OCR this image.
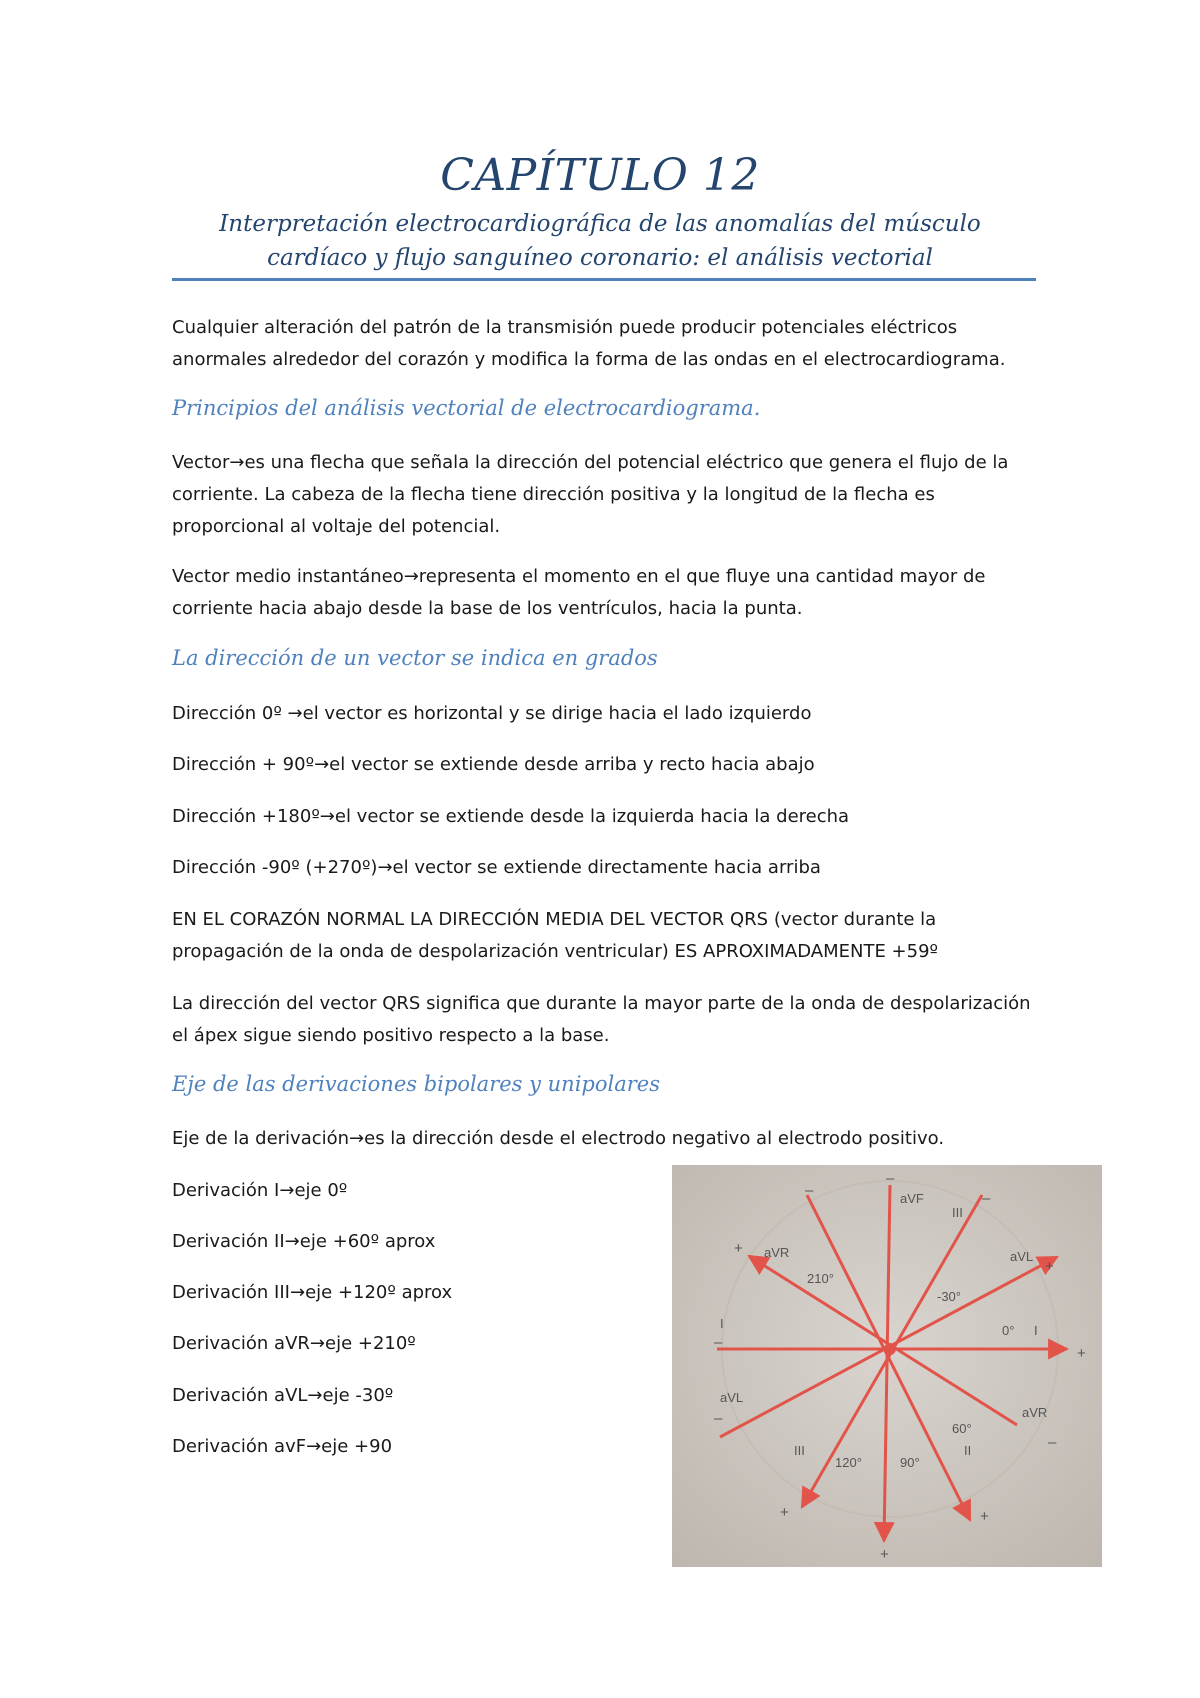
CAPÍTULO 12
Interpretación electrocardiográfica de las anomalías del músculo
cardíaco y flujo sanguíneo coronario: el análisis vectorial
Cualquier alteración del patrón de la transmisión puede producir potenciales eléctricos
anormales alrededor del corazón y modifica la forma de las ondas en el electrocardiograma.
Principios del análisis vectorial de electrocardiograma.
Vector→es una flecha que señala la dirección del potencial eléctrico que genera el flujo de la
corriente. La cabeza de la flecha tiene dirección positiva y la longitud de la flecha es
proporcional al voltaje del potencial.
Vector medio instantáneo→representa el momento en el que fluye una cantidad mayor de
corriente hacia abajo desde la base de los ventrículos, hacia la punta.
La dirección de un vector se indica en grados
Dirección 0º →el vector es horizontal y se dirige hacia el lado izquierdo
Dirección + 90º→el vector se extiende desde arriba y recto hacia abajo
Dirección +180º→el vector se extiende desde la izquierda hacia la derecha
Dirección -90º (+270º)→el vector se extiende directamente hacia arriba
EN EL CORAZÓN NORMAL LA DIRECCIÓN MEDIA DEL VECTOR QRS (vector durante la
propagación de la onda de despolarización ventricular) ES APROXIMADAMENTE +59º
La dirección del vector QRS significa que durante la mayor parte de la onda de despolarización
el ápex sigue siendo positivo respecto a la base.
Eje de las derivaciones bipolares y unipolares
Eje de la derivación→es la dirección desde el electrodo negativo al electrodo positivo.
Derivación I→eje 0º
Derivación II→eje +60º aprox
Derivación III→eje +120º aprox
Derivación aVR→eje +210º
Derivación aVL→eje -30º
Derivación avF→eje +90
aVF
III
aVR
210°
aVL
-30°
I	I
0°
aVL
aVR
60°
II
III
120°	90°
+
+
+
+
+
+
–	–
–
–
–
–
